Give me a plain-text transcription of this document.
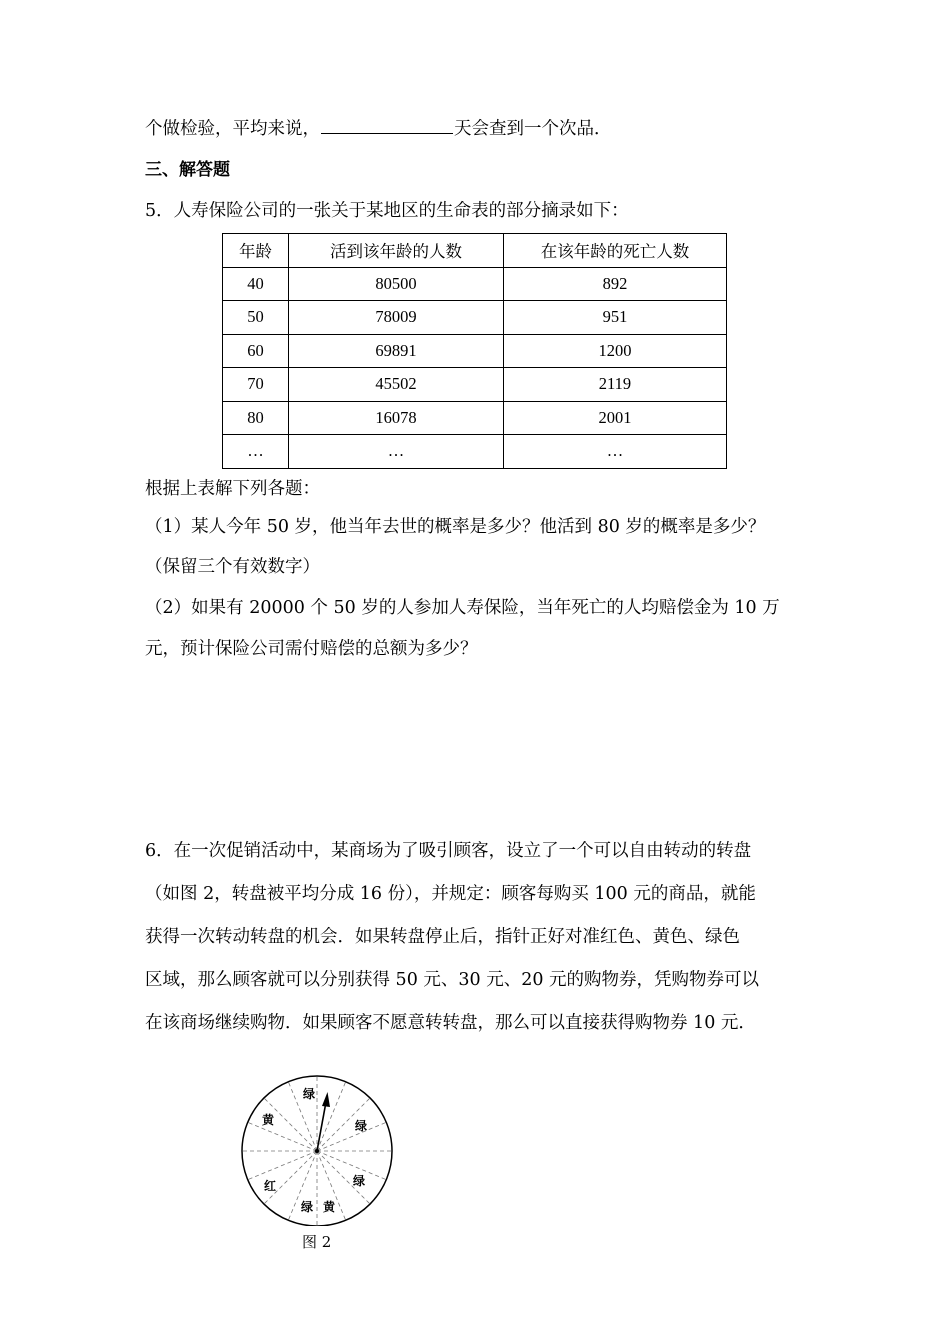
个做检验，平均来说，	天会查到一个次品．
三、解答题
5．人寿保险公司的一张关于某地区的生命表的部分摘录如下：
年龄	活到该年龄的人数	在该年龄的死亡人数
40	80500	892
50	78009	951
60	69891	1200
70	45502	2119
80	16078	2001
…	…	…
根据上表解下列各题：
（1）某人今年 50 岁，他当年去世的概率是多少？他活到 80 岁的概率是多少？
（保留三个有效数字）
（2）如果有 20000 个 50 岁的人参加人寿保险，当年死亡的人均赔偿金为 10 万
元，预计保险公司需付赔偿的总额为多少？
6．在一次促销活动中，某商场为了吸引顾客，设立了一个可以自由转动的转盘
（如图 2，转盘被平均分成 16 份），并规定：顾客每购买 100 元的商品，就能
获得一次转动转盘的机会．如果转盘停止后，指针正好对准红色、黄色、绿色
区域，那么顾客就可以分别获得 50 元、30 元、20 元的购物券，凭购物券可以
在该商场继续购物．如果顾客不愿意转转盘，那么可以直接获得购物券 10 元．
绿
黄	绿
红	绿
绿 黄
图 2
